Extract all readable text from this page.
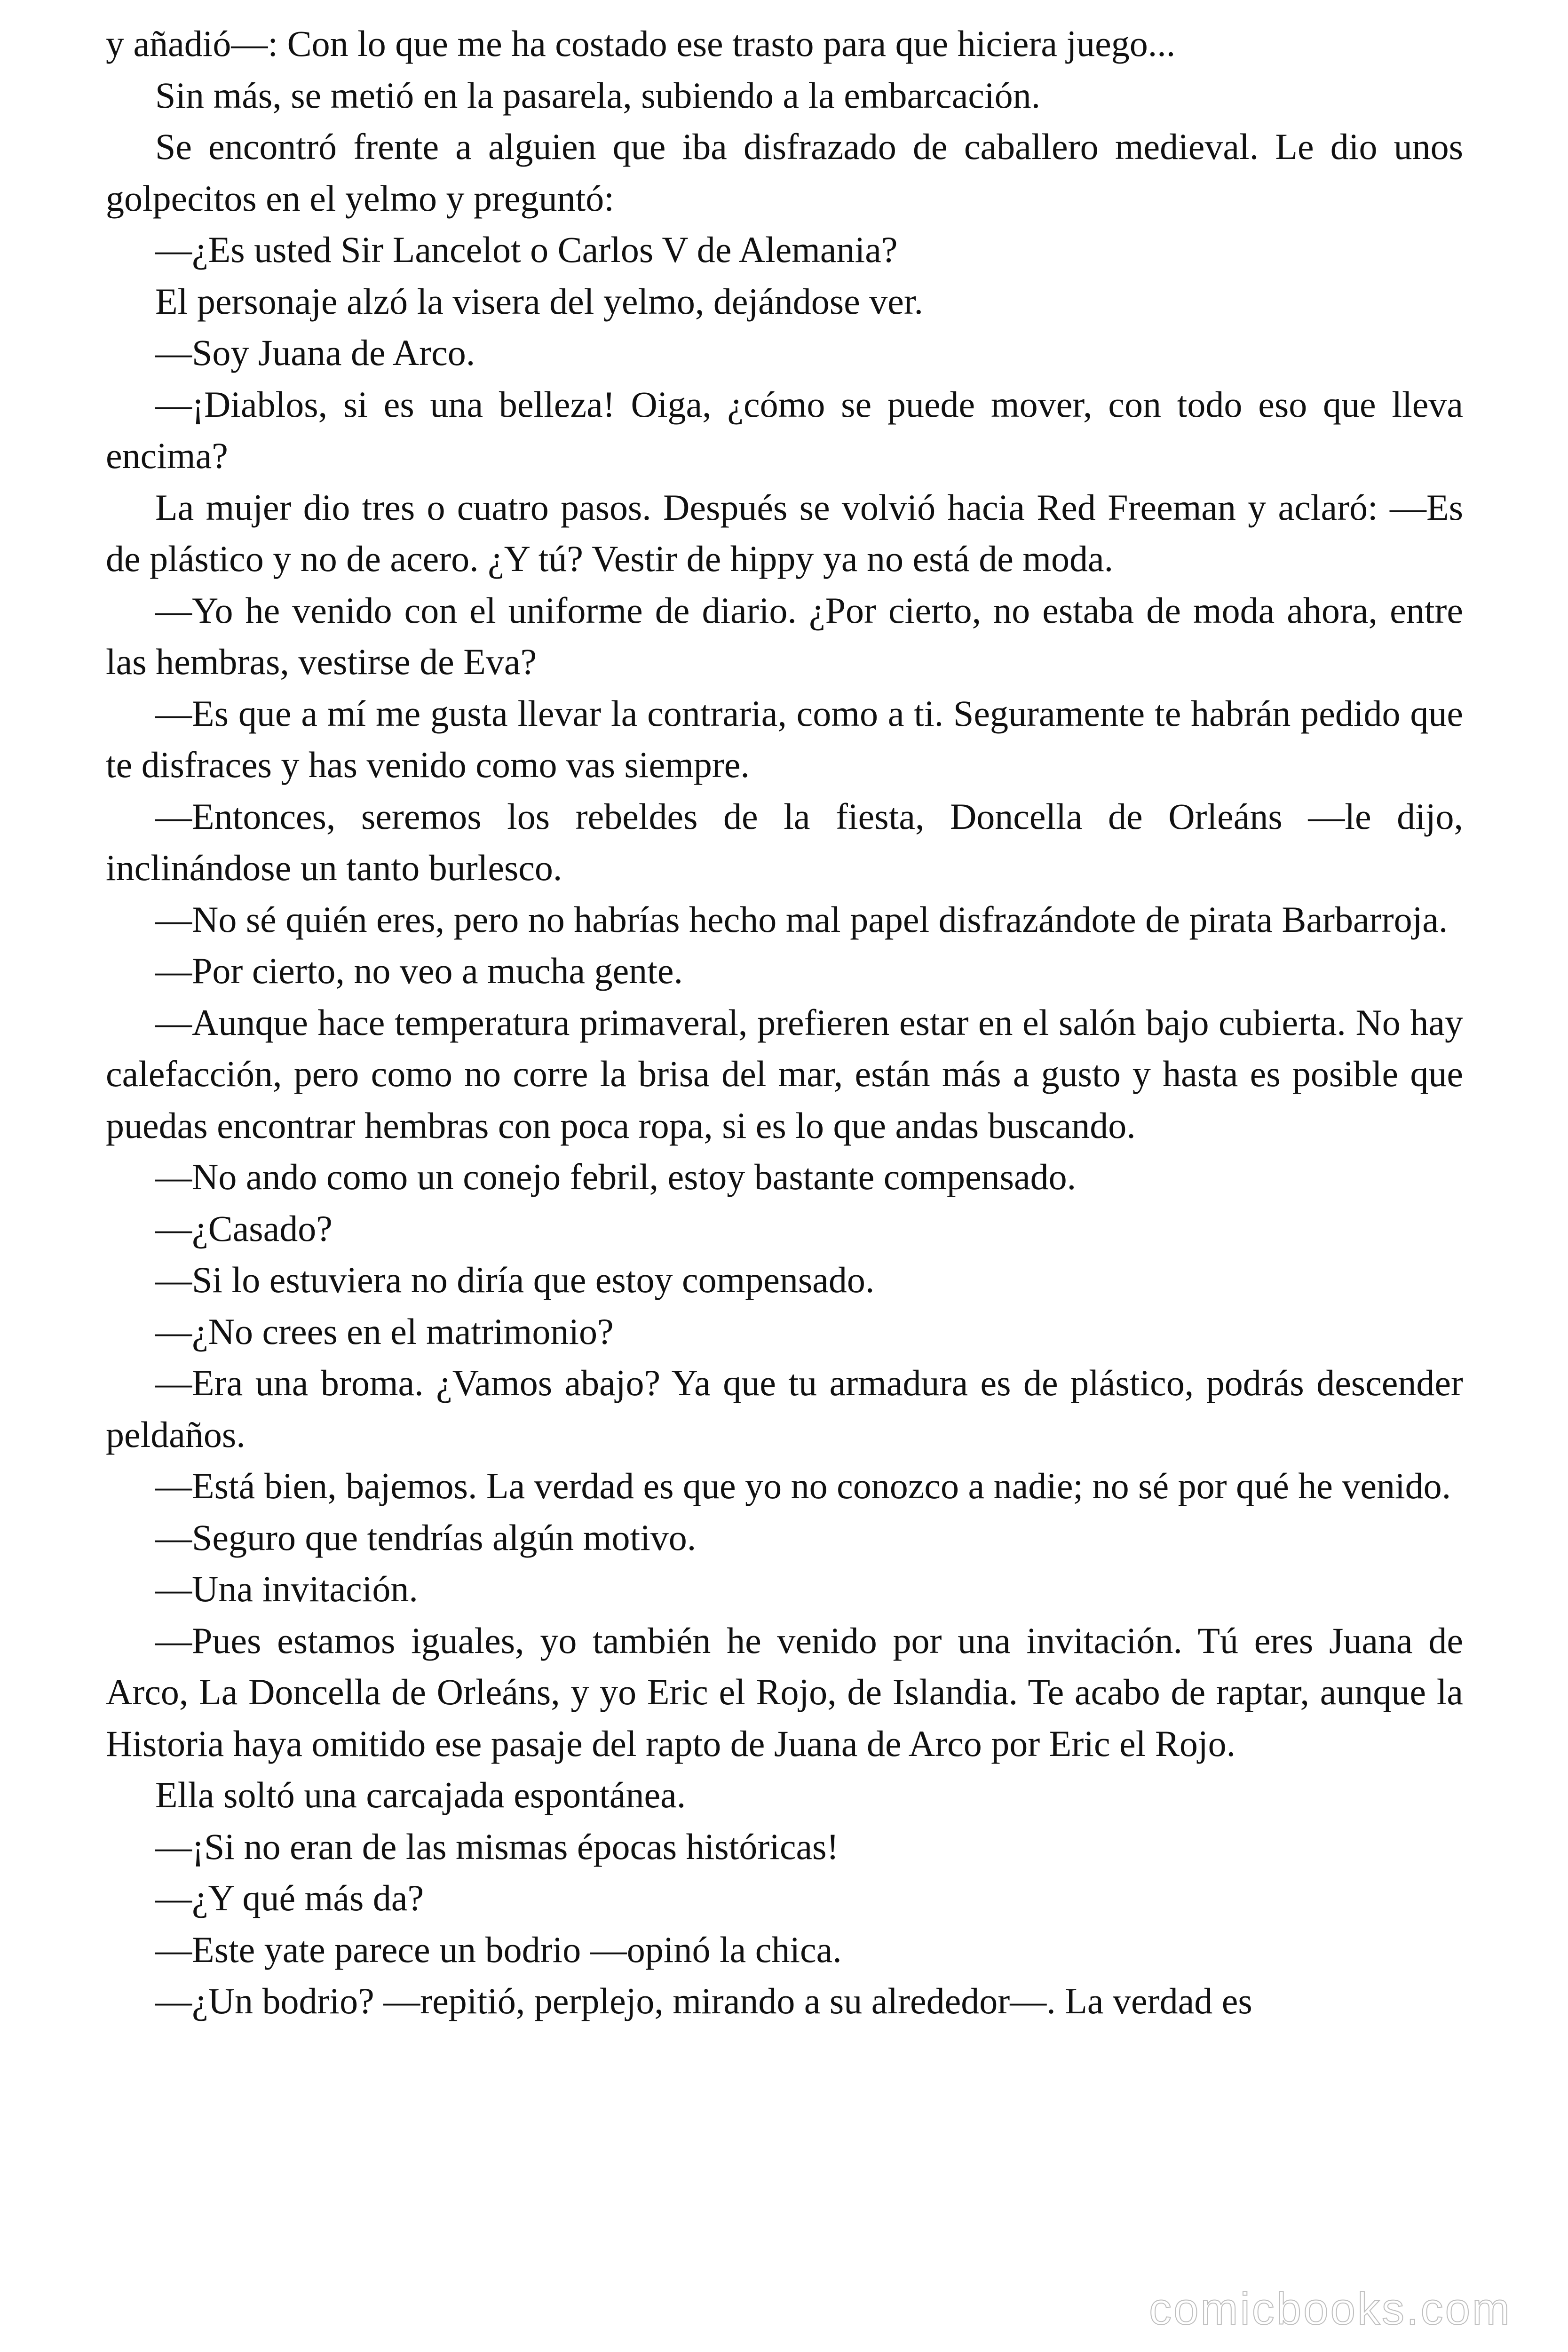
y añadió—: Con lo que me ha costado ese trasto para que hiciera juego...

Sin más, se metió en la pasarela, subiendo a la embarcación.

Se encontró frente a alguien que iba disfrazado de caballero medieval. Le dio unos golpecitos en el yelmo y preguntó:

—¿Es usted Sir Lancelot o Carlos V de Alemania?

El personaje alzó la visera del yelmo, dejándose ver.

—Soy Juana de Arco.

—¡Diablos, si es una belleza! Oiga, ¿cómo se puede mover, con todo eso que lleva encima?

La mujer dio tres o cuatro pasos. Después se volvió hacia Red Freeman y aclaró: —Es de plástico y no de acero. ¿Y tú? Vestir de hippy ya no está de moda.

—Yo he venido con el uniforme de diario. ¿Por cierto, no estaba de moda ahora, entre las hembras, vestirse de Eva?

—Es que a mí me gusta llevar la contraria, como a ti. Seguramente te habrán pedido que te disfraces y has venido como vas siempre.

—Entonces, seremos los rebeldes de la fiesta, Doncella de Orleáns —le dijo, inclinándose un tanto burlesco.

—No sé quién eres, pero no habrías hecho mal papel disfrazándote de pirata Barbarroja.

—Por cierto, no veo a mucha gente.

—Aunque hace temperatura primaveral, prefieren estar en el salón bajo cubierta. No hay calefacción, pero como no corre la brisa del mar, están más a gusto y hasta es posible que puedas encontrar hembras con poca ropa, si es lo que andas buscando.

—No ando como un conejo febril, estoy bastante compensado.

—¿Casado?

—Si lo estuviera no diría que estoy compensado.

—¿No crees en el matrimonio?

—Era una broma. ¿Vamos abajo? Ya que tu armadura es de plástico, podrás descender peldaños.

—Está bien, bajemos. La verdad es que yo no conozco a nadie; no sé por qué he venido.

—Seguro que tendrías algún motivo.

—Una invitación.

—Pues estamos iguales, yo también he venido por una invitación. Tú eres Juana de Arco, La Doncella de Orleáns, y yo Eric el Rojo, de Islandia. Te acabo de raptar, aunque la Historia haya omitido ese pasaje del rapto de Juana de Arco por Eric el Rojo.

Ella soltó una carcajada espontánea.

—¡Si no eran de las mismas épocas históricas!

—¿Y qué más da?

—Este yate parece un bodrio —opinó la chica.

—¿Un bodrio? —repitió, perplejo, mirando a su alrededor—. La verdad es

comicbooks.com
